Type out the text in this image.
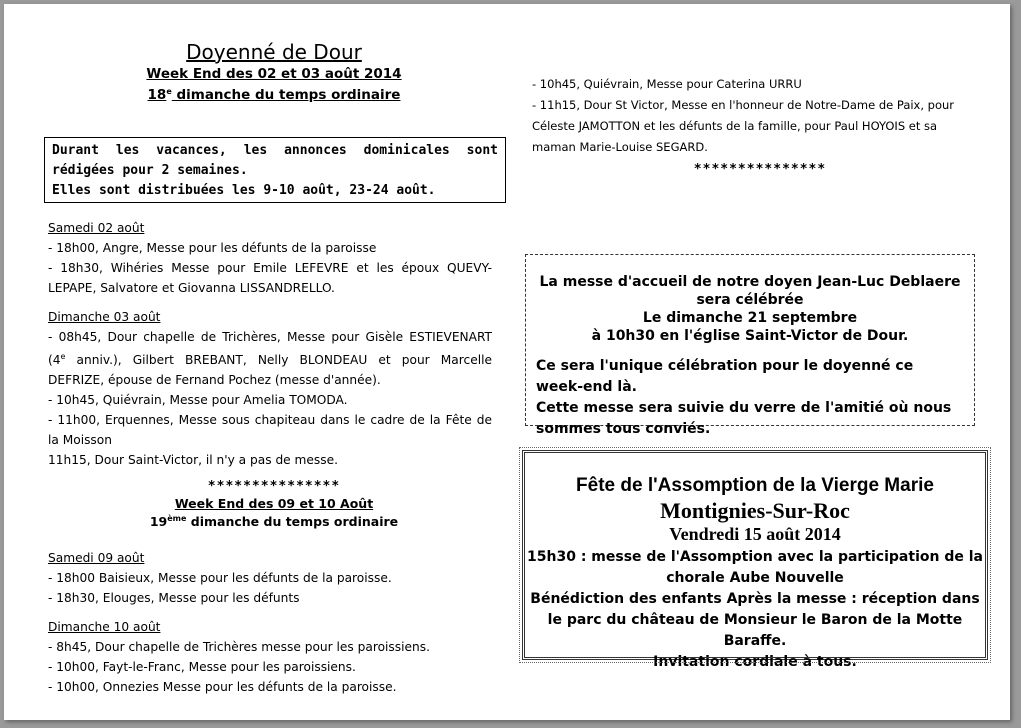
Doyenné de Dour
Week End des 02 et 03 août 2014
18e dimanche du temps ordinaire
Durant les vacances, les annonces dominicales sont rédigées pour 2 semaines.
Elles sont distribuées les 9-10 août, 23-24 août.
Samedi 02 août
- 18h00, Angre, Messe pour les défunts de la paroisse
- 18h30, Wihéries Messe pour Emile LEFEVRE et les époux QUEVY-LEPAPE, Salvatore et Giovanna LISSANDRELLO.
Dimanche 03 août
- 08h45, Dour chapelle de Trichères, Messe pour Gisèle ESTIEVENART (4e anniv.), Gilbert BREBANT, Nelly BLONDEAU et pour Marcelle DEFRIZE, épouse de Fernand Pochez (messe d'année).
- 10h45, Quiévrain, Messe pour Amelia TOMODA.
- 11h00, Erquennes, Messe sous chapiteau dans le cadre de la Fête de la Moisson
11h15, Dour Saint-Victor, il n'y a pas de messe.
***************
Week End des 09 et 10 Août
19ème dimanche du temps ordinaire
Samedi 09 août
- 18h00 Baisieux, Messe pour les défunts de la paroisse.
- 18h30, Elouges, Messe pour les défunts
Dimanche 10 août
- 8h45, Dour chapelle de Trichères messe pour les paroissiens.
- 10h00, Fayt-le-Franc, Messe pour les paroissiens.
- 10h00, Onnezies Messe pour les défunts de la paroisse.
- 10h45, Quiévrain, Messe pour Caterina URRU
- 11h15, Dour St Victor, Messe en l'honneur de Notre-Dame de Paix, pour Céleste JAMOTTON et les défunts de la famille, pour Paul HOYOIS et sa maman Marie-Louise SEGARD.
***************
La messe d'accueil de notre doyen Jean-Luc Deblaere
sera célébrée
Le dimanche 21 septembre
à 10h30 en l'église Saint-Victor de Dour.
Ce sera l'unique célébration pour le doyenné ce week-end là.
Cette messe sera suivie du verre de l'amitié où nous sommes tous conviés.
Fête de l'Assomption de la Vierge Marie
Montignies-Sur-Roc
Vendredi 15 août 2014
15h30 : messe de l'Assomption avec la participation de la chorale Aube Nouvelle
Bénédiction des enfants Après la messe : réception dans le parc du château de Monsieur le Baron de la Motte Baraffe.
Invitation cordiale à tous.
